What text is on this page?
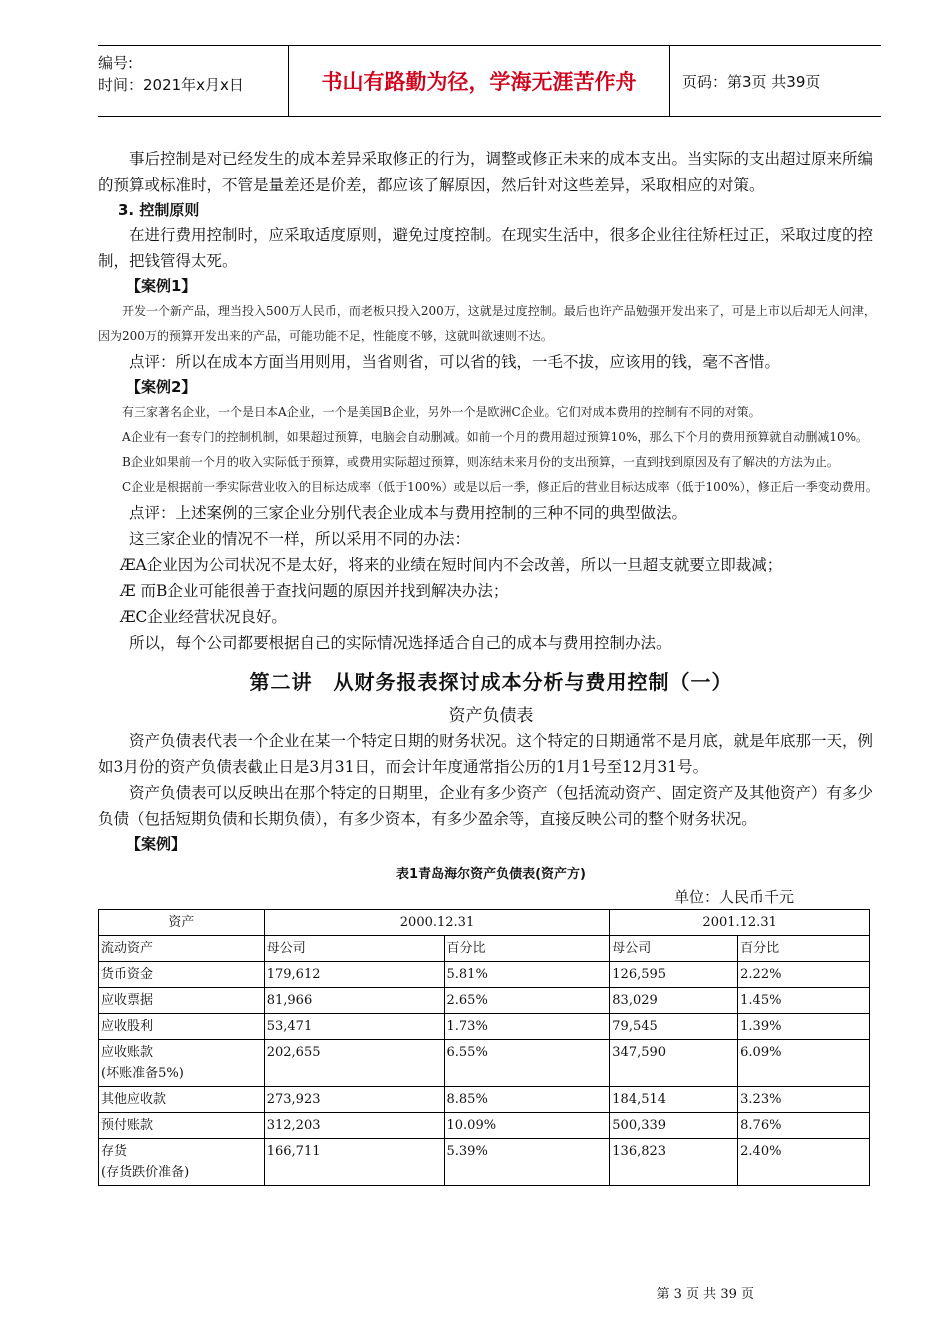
编号:
时间：2021年x月x日	书山有路勤为径，学海无涯苦作舟	页码：第3页 共39页

事后控制是对已经发生的成本差异采取修正的行为，调整或修正未来的成本支出。当实际的支出超过原来所编的预算或标准时，不管是量差还是价差，都应该了解原因，然后针对这些差异，采取相应的对策。

3. 控制原则

在进行费用控制时，应采取适度原则，避免过度控制。在现实生活中，很多企业往往矫枉过正，采取过度的控制，把钱管得太死。

【案例1】

开发一个新产品，理当投入500万人民币，而老板只投入200万，这就是过度控制。最后也许产品勉强开发出来了，可是上市以后却无人问津，因为200万的预算开发出来的产品，可能功能不足，性能度不够，这就叫欲速则不达。

点评：所以在成本方面当用则用，当省则省，可以省的钱，一毛不拔，应该用的钱，毫不吝惜。

【案例2】

有三家著名企业，一个是日本A企业，一个是美国B企业，另外一个是欧洲C企业。它们对成本费用的控制有不同的对策。

A企业有一套专门的控制机制，如果超过预算，电脑会自动删减。如前一个月的费用超过预算10%，那么下个月的费用预算就自动删减10%。

B企业如果前一个月的收入实际低于预算，或费用实际超过预算，则冻结未来月份的支出预算，一直到找到原因及有了解决的方法为止。

C企业是根据前一季实际营业收入的目标达成率（低于100%）或是以后一季，修正后的营业目标达成率（低于100%），修正后一季变动费用。

点评：上述案例的三家企业分别代表企业成本与费用控制的三种不同的典型做法。

这三家企业的情况不一样，所以采用不同的办法：

ÆA企业因为公司状况不是太好，将来的业绩在短时间内不会改善，所以一旦超支就要立即裁减；

Æ 而B企业可能很善于查找问题的原因并找到解决办法；

ÆC企业经营状况良好。

所以，每个公司都要根据自己的实际情况选择适合自己的成本与费用控制办法。

第二讲　从财务报表探讨成本分析与费用控制（一）
资产负债表

资产负债表代表一个企业在某一个特定日期的财务状况。这个特定的日期通常不是月底，就是年底那一天，例如3月份的资产负债表截止日是3月31日，而会计年度通常指公历的1月1号至12月31号。

资产负债表可以反映出在那个特定的日期里，企业有多少资产（包括流动资产、固定资产及其他资产）有多少负债（包括短期负债和长期负债），有多少资本，有多少盈余等，直接反映公司的整个财务状况。

【案例】

表1青岛海尔资产负债表(资产方)
单位：人民币千元
资产	2000.12.31		2001.12.31	
流动资产	母公司	百分比	母公司	百分比
货币资金	179,612	5.81%	126,595	2.22%
应收票据	81,966	2.65%	83,029	1.45%
应收股利	53,471	1.73%	79,545	1.39%
应收账款
(坏账准备5%)	202,655	6.55%	347,590	6.09%
其他应收款	273,923	8.85%	184,514	3.23%
预付账款	312,203	10.09%	500,339	8.76%
存货
(存货跌价准备)	166,711	5.39%	136,823	2.40%
第 3 页 共 39 页
